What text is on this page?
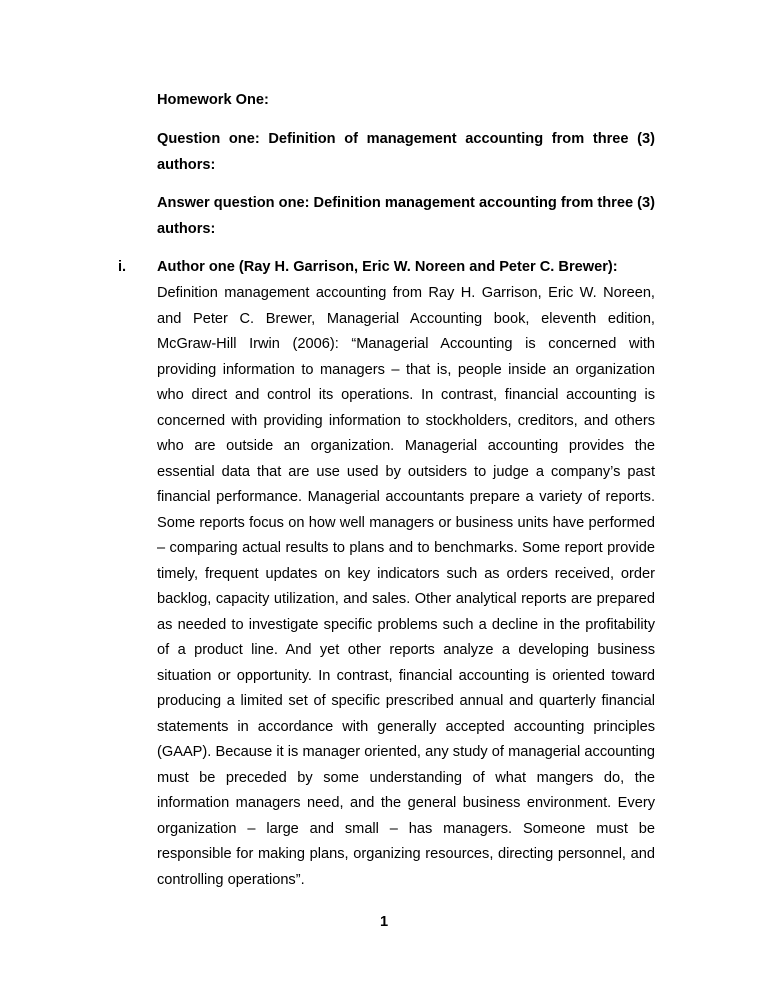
Homework One:
Question one: Definition of management accounting from three (3) authors:
Answer question one: Definition management accounting from three (3) authors:
i. Author one (Ray H. Garrison, Eric W. Noreen and Peter C. Brewer):
Definition management accounting from Ray H. Garrison, Eric W. Noreen, and Peter C. Brewer, Managerial Accounting book, eleventh edition, McGraw-Hill Irwin (2006): “Managerial Accounting is concerned with providing information to managers – that is, people inside an organization who direct and control its operations. In contrast, financial accounting is concerned with providing information to stockholders, creditors, and others who are outside an organization. Managerial accounting provides the essential data that are use used by outsiders to judge a company’s past financial performance. Managerial accountants prepare a variety of reports. Some reports focus on how well managers or business units have performed – comparing actual results to plans and to benchmarks. Some report provide timely, frequent updates on key indicators such as orders received, order backlog, capacity utilization, and sales. Other analytical reports are prepared as needed to investigate specific problems such a decline in the profitability of a product line. And yet other reports analyze a developing business situation or opportunity. In contrast, financial accounting is oriented toward producing a limited set of specific prescribed annual and quarterly financial statements in accordance with generally accepted accounting principles (GAAP). Because it is manager oriented, any study of managerial accounting must be preceded by some understanding of what mangers do, the information managers need, and the general business environment. Every organization – large and small – has managers. Someone must be responsible for making plans, organizing resources, directing personnel, and controlling operations”.
1
